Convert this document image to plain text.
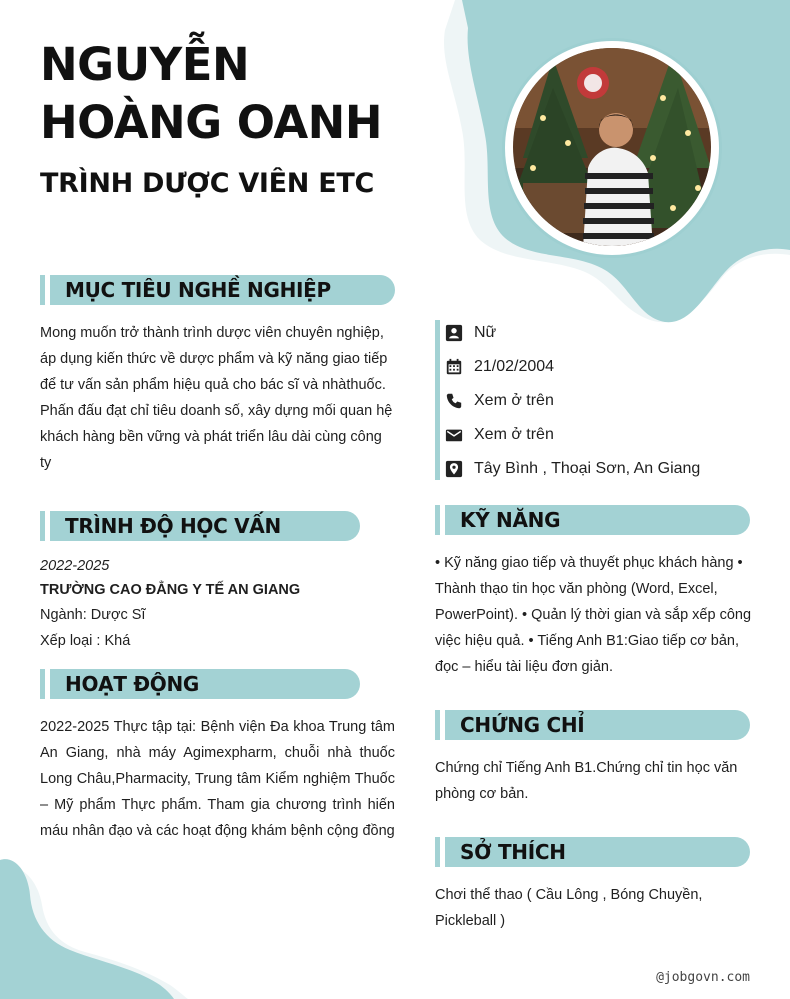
NGUYỄN
HOÀNG OANH
TRÌNH DƯỢC VIÊN ETC
MỤC TIÊU NGHỀ NGHIỆP
Mong muốn trở thành trình dược viên chuyên nghiệp, áp dụng kiến thức về dược phẩm và kỹ năng giao tiếp để tư vấn sản phẩm hiệu quả cho bác sĩ và nhàthuốc. Phấn đấu đạt chỉ tiêu doanh số, xây dựng mối quan hệ khách hàng bền vững và phát triển lâu dài cùng công ty
TRÌNH ĐỘ HỌC VẤN
2022-2025
TRƯỜNG CAO ĐẲNG Y TẾ AN GIANG
Ngành: Dược Sĩ
Xếp loại : Khá
HOẠT ĐỘNG
2022-2025 Thực tập tại: Bệnh viện Đa khoa Trung tâm An Giang, nhà máy Agimexpharm, chuỗi nhà thuốc Long Châu,Pharmacity, Trung tâm Kiểm nghiệm Thuốc – Mỹ phẩm Thực phẩm. Tham gia chương trình hiến máu nhân đạo và các hoạt động khám bệnh cộng đồng
Nữ
21/02/2004
Xem ở trên
Xem ở trên
Tây Bình , Thoại Sơn, An Giang
KỸ NĂNG
• Kỹ năng giao tiếp và thuyết phục khách hàng • Thành thạo tin học văn phòng (Word, Excel, PowerPoint). • Quản lý thời gian và sắp xếp công việc hiệu quả. • Tiếng Anh B1:Giao tiếp cơ bản, đọc – hiểu tài liệu đơn giản.
CHỨNG CHỈ
Chứng chỉ Tiếng Anh B1.Chứng chỉ tin học văn phòng cơ bản.
SỞ THÍCH
Chơi thể thao ( Cầu Lông , Bóng Chuyền, Pickleball )
@jobgovn.com
